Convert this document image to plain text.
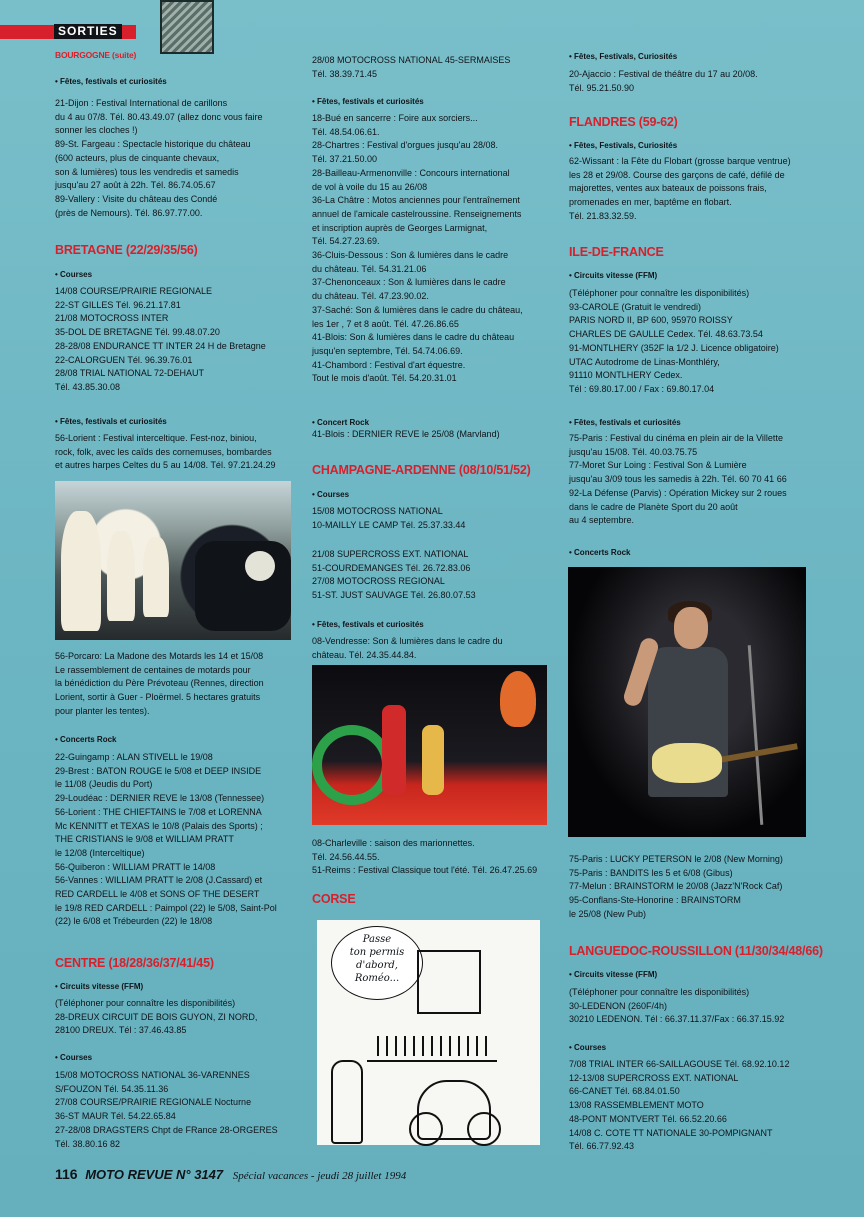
SORTIES
BOURGOGNE (suite)
• Fêtes, festivals et curiosités
21-Dijon : Festival International de carillons
du 4 au 07/8. Tél. 80.43.49.07 (allez donc vous faire
sonner les cloches !)
89-St. Fargeau : Spectacle historique du château
(600 acteurs, plus de cinquante chevaux,
son & lumières) tous les vendredis et samedis
jusqu'au 27 août à 22h. Tél. 86.74.05.67
89-Vallery : Visite du château des Condé
(près de Nemours). Tél. 86.97.77.00.
BRETAGNE (22/29/35/56)
• Courses
14/08 COURSE/PRAIRIE REGIONALE
22-ST GILLES Tél. 96.21.17.81
21/08 MOTOCROSS INTER
35-DOL DE BRETAGNE Tél. 99.48.07.20
28-28/08 ENDURANCE TT INTER 24 H de Bretagne
22-CALORGUEN Tél. 96.39.76.01
28/08 TRIAL NATIONAL 72-DEHAUT
Tél. 43.85.30.08
• Fêtes, festivals et curiosités
56-Lorient : Festival interceltique. Fest-noz, biniou,
rock, folk, avec les caïds des cornemuses, bombardes
et autres harpes Celtes du 5 au 14/08. Tél. 97.21.24.29
56-Porcaro: La Madone des Motards les 14 et 15/08
Le rassemblement de centaines de motards pour
la bénédiction du Père Prévoteau (Rennes, direction
Lorient, sortir à Guer - Ploërmel. 5 hectares gratuits
pour planter les tentes).
• Concerts Rock
22-Guingamp : ALAN STIVELL le 19/08
29-Brest : BATON ROUGE le 5/08 et DEEP INSIDE
le 11/08 (Jeudis du Port)
29-Loudéac : DERNIER REVE le 13/08 (Tennessee)
56-Lorient : THE CHIEFTAINS le 7/08 et LORENNA
Mc KENNITT et TEXAS le 10/8 (Palais des Sports) ;
THE CRISTIANS le 9/08 et WILLIAM PRATT
le 12/08 (Interceltique)
56-Quiberon : WILLIAM PRATT le 14/08
56-Vannes : WILLIAM PRATT le 2/08 (J.Cassard) et
RED CARDELL le 4/08 et SONS OF THE DESERT
le 19/8 RED CARDELL : Paimpol (22) le 5/08, Saint-Pol
(22) le 6/08 et Trébeurden (22) le 18/08
CENTRE (18/28/36/37/41/45)
• Circuits vitesse (FFM)
(Téléphoner pour connaître les disponibilités)
28-DREUX CIRCUIT DE BOIS GUYON, ZI NORD,
28100 DREUX. Tél : 37.46.43.85
• Courses
15/08 MOTOCROSS NATIONAL 36-VARENNES
S/FOUZON Tél. 54.35.11.36
27/08 COURSE/PRAIRIE REGIONALE Nocturne
36-ST MAUR Tél. 54.22.65.84
27-28/08 DRAGSTERS Chpt de FRance 28-ORGERES
Tél. 38.80.16 82
28/08 MOTOCROSS NATIONAL 45-SERMAISES
Tél. 38.39.71.45
• Fêtes, festivals et curiosités
18-Bué en sancerre : Foire aux sorciers...
Tél. 48.54.06.61.
28-Chartres : Festival d'orgues jusqu'au 28/08.
Tél. 37.21.50.00
28-Bailleau-Armenonville : Concours international
de vol à voile du 15 au 26/08
36-La Châtre : Motos anciennes pour l'entraînement
annuel de l'amicale castelroussine. Renseignements
et inscription auprès de Georges Larmignat,
Tél. 54.27.23.69.
36-Cluis-Dessous : Son & lumières dans le cadre
du château. Tél. 54.31.21.06
37-Chenonceaux : Son & lumières dans le cadre
du château. Tél. 47.23.90.02.
37-Saché: Son & lumières dans le cadre du château,
les 1er , 7 et 8 août. Tél. 47.26.86.65
41-Blois: Son & lumières dans le cadre du château
jusqu'en septembre, Tél. 54.74.06.69.
41-Chambord : Festival d'art équestre.
Tout le mois d'août. Tél. 54.20.31.01
• Concert Rock
41-Blois : DERNIER REVE le 25/08 (Marvland)
CHAMPAGNE-ARDENNE (08/10/51/52)
• Courses
15/08 MOTOCROSS NATIONAL
10-MAILLY LE CAMP Tél. 25.37.33.44
21/08 SUPERCROSS EXT. NATIONAL
51-COURDEMANGES Tél. 26.72.83.06
27/08 MOTOCROSS REGIONAL
51-ST. JUST SAUVAGE Tél. 26.80.07.53
• Fêtes, festivals et curiosités
08-Vendresse: Son & lumières dans le cadre du
château. Tél. 24.35.44.84.
08-Charleville : saison des marionnettes.
Tél. 24.56.44.55.
51-Reims : Festival Classique tout l'été. Tél. 26.47.25.69
CORSE
Passe
ton permis
d'abord,
Roméo...
• Fêtes, Festivals, Curiosités
20-Ajaccio : Festival de théâtre du 17 au 20/08.
Tél. 95.21.50.90
FLANDRES (59-62)
• Fêtes, Festivals, Curiosités
62-Wissant : la Fête du Flobart (grosse barque ventrue)
les 28 et 29/08. Course des garçons de café, défilé de
majorettes, ventes aux bateaux de poissons frais,
promenades en mer, baptême en flobart.
Tél. 21.83.32.59.
ILE-DE-FRANCE
• Circuits vitesse (FFM)
(Téléphoner pour connaître les disponibilités)
93-CAROLE (Gratuit le vendredi)
PARIS NORD II, BP 600, 95970 ROISSY
CHARLES DE GAULLE Cedex. Tél. 48.63.73.54
91-MONTLHERY (352F la 1/2 J. Licence obligatoire)
UTAC Autodrome de Linas-Monthléry,
91110 MONTLHERY Cedex.
Tél : 69.80.17.00 / Fax : 69.80.17.04
• Fêtes, festivals et curiosités
75-Paris : Festival du cinéma en plein air de la Villette
jusqu'au 15/08. Tél. 40.03.75.75
77-Moret Sur Loing : Festival Son & Lumière
jusqu'au 3/09 tous les samedis à 22h. Tél. 60 70 41 66
92-La Défense (Parvis) : Opération Mickey sur 2 roues
dans le cadre de Planète Sport du 20 août
au 4 septembre.
• Concerts Rock
75-Paris : LUCKY PETERSON le 2/08 (New Morning)
75-Paris : BANDITS les 5 et 6/08 (Gibus)
77-Melun : BRAINSTORM le 20/08 (Jazz'N'Rock Caf)
95-Conflans-Ste-Honorine : BRAINSTORM
le 25/08 (New Pub)
LANGUEDOC-ROUSSILLON (11/30/34/48/66)
• Circuits vitesse (FFM)
(Téléphoner pour connaître les disponibilités)
30-LEDENON (260F/4h)
30210 LEDENON. Tél : 66.37.11.37/Fax : 66.37.15.92
• Courses
7/08 TRIAL INTER 66-SAILLAGOUSE Tél. 68.92.10.12
12-13/08 SUPERCROSS EXT. NATIONAL
66-CANET Tél. 68.84.01.50
13/08 RASSEMBLEMENT MOTO
48-PONT MONTVERT Tél. 66.52.20.66
14/08 C. COTE TT NATIONALE 30-POMPIGNANT
Tél. 66.77.92.43
116 MOTO REVUE N° 3147 Spécial vacances - jeudi 28 juillet 1994
